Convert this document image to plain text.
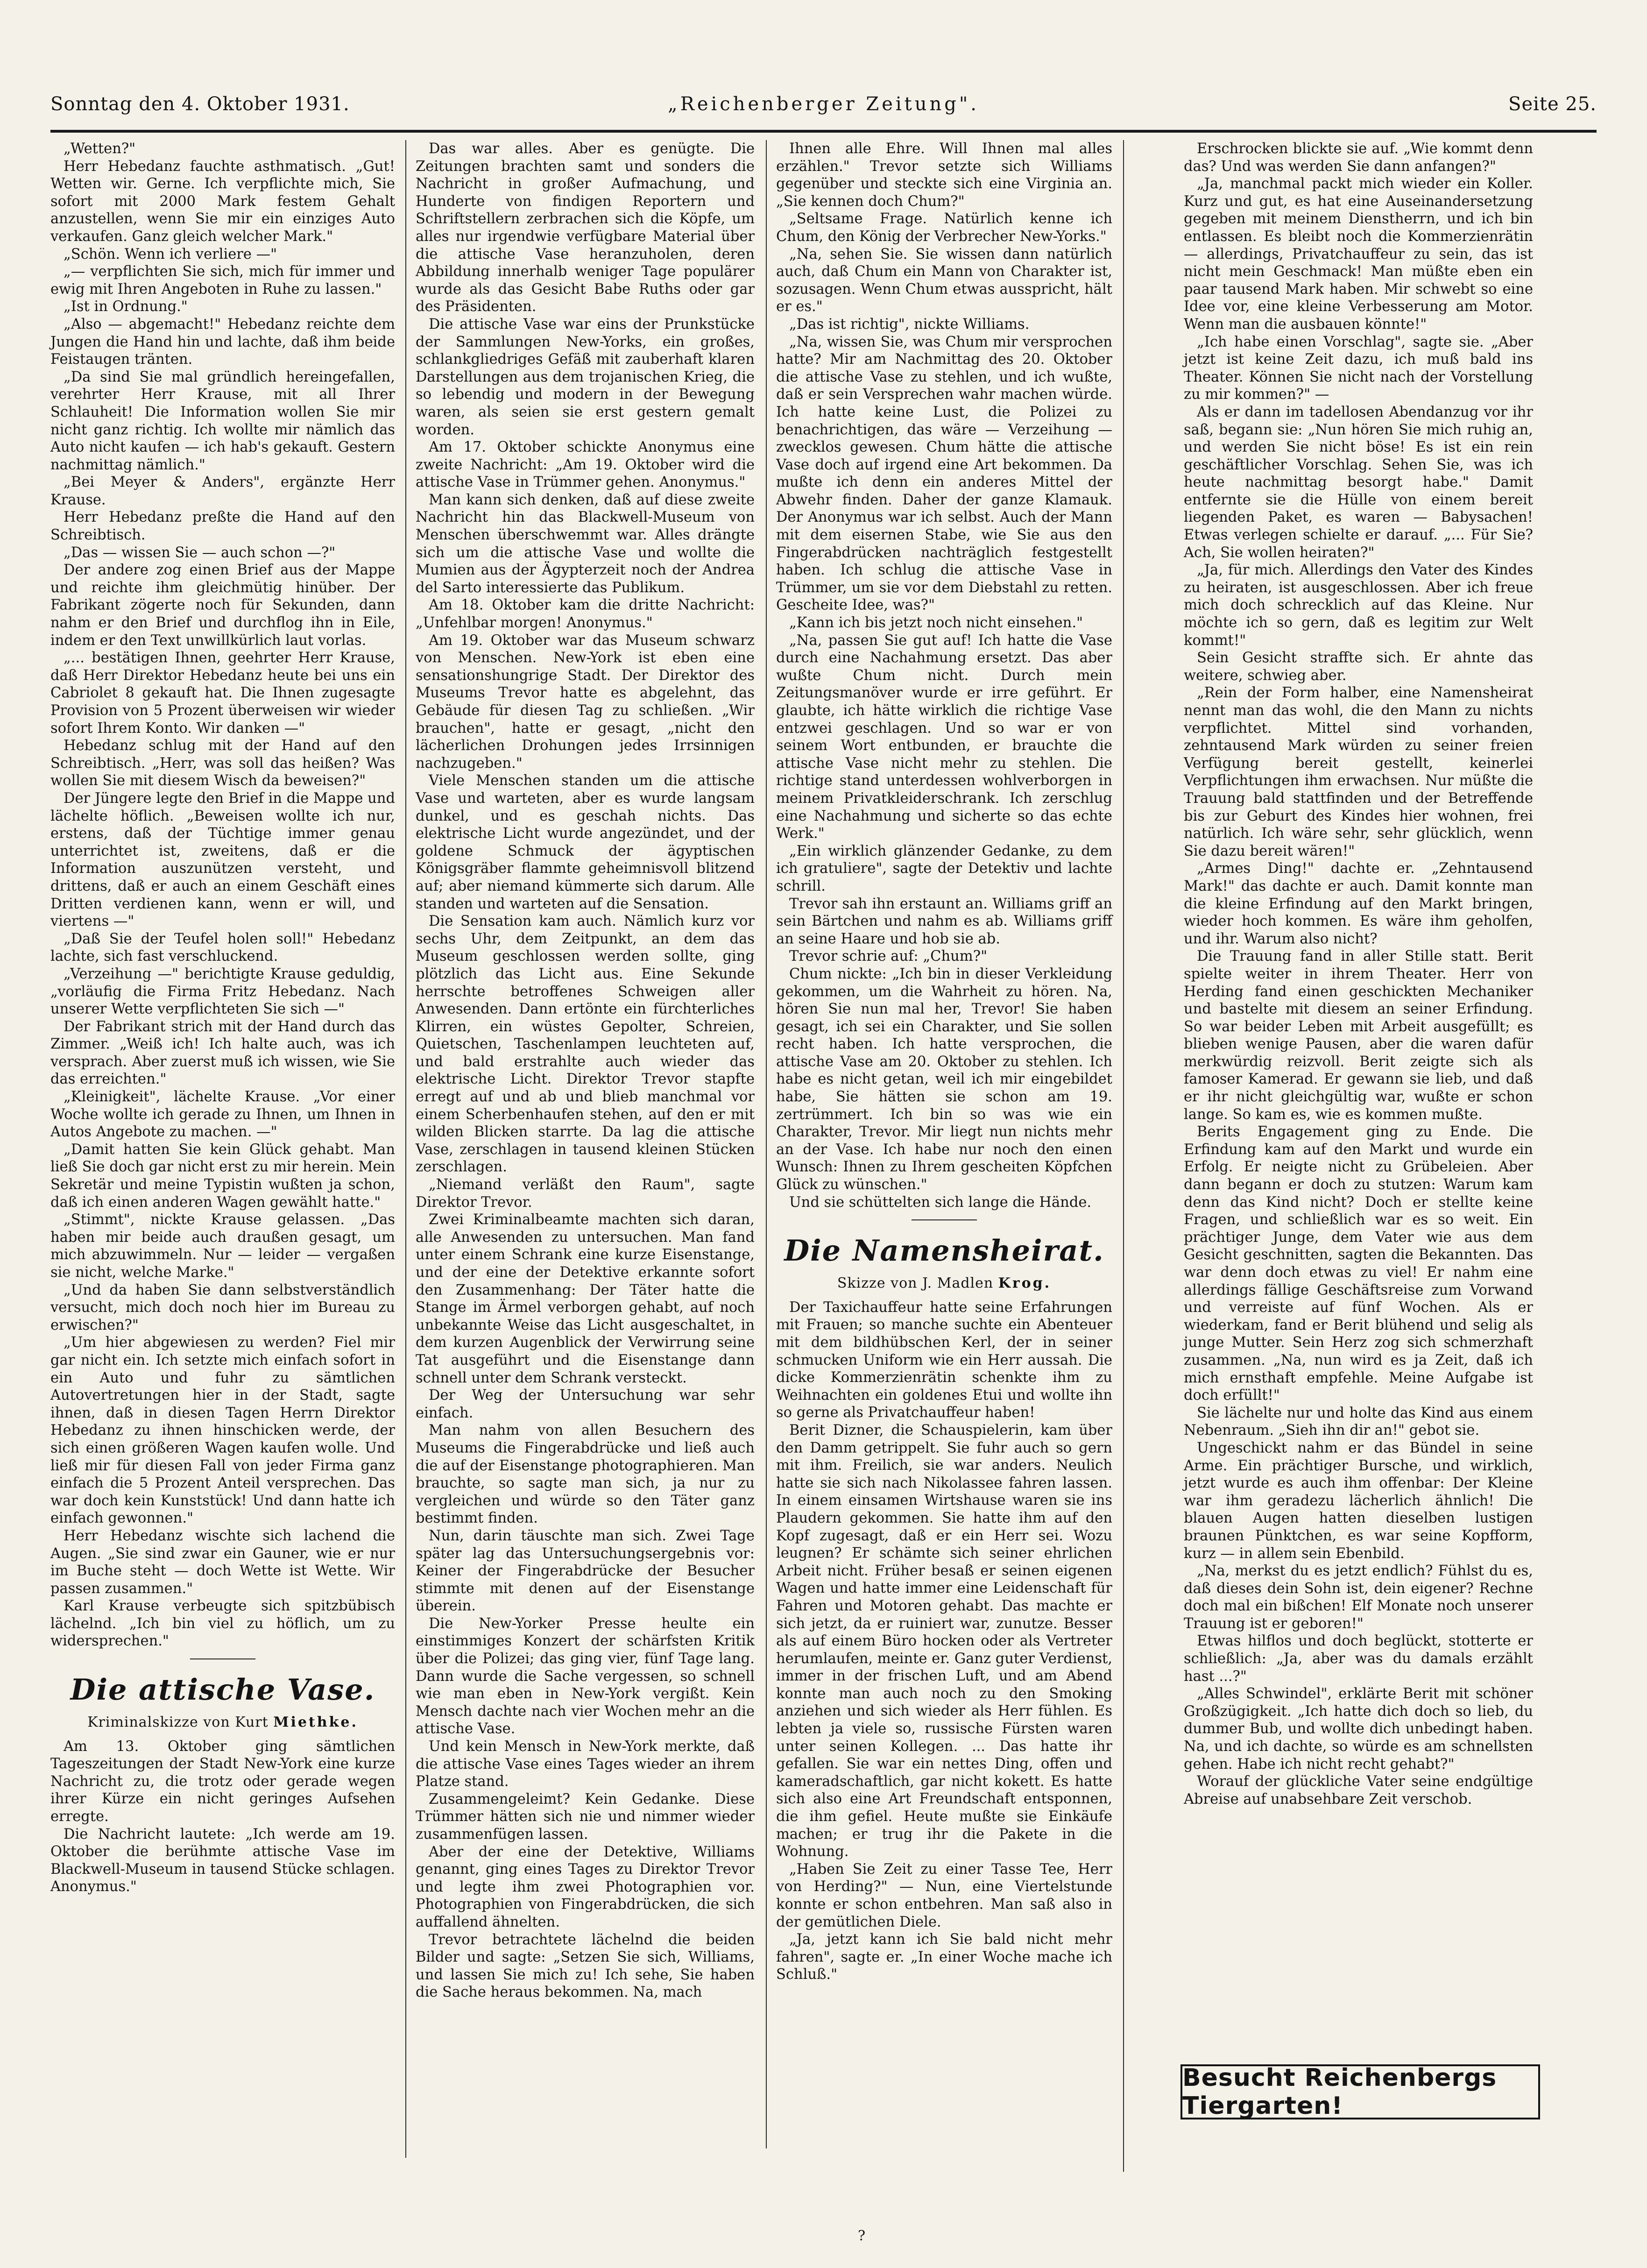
Sonntag den 4. Oktober 1931.	„Reichenberger Zeitung".	Seite 25.

„Wetten?"

Herr Hebedanz fauchte asthmatisch. „Gut! Wetten wir. Gerne. Ich verpflichte mich, Sie sofort mit 2000 Mark festem Gehalt anzustellen, wenn Sie mir ein einziges Auto verkaufen. Ganz gleich welcher Mark."

„Schön. Wenn ich verliere —"

„— verpflichten Sie sich, mich für immer und ewig mit Ihren Angeboten in Ruhe zu lassen."

„Ist in Ordnung."

„Also — abgemacht!" Hebedanz reichte dem Jungen die Hand hin und lachte, daß ihm beide Feistaugen tränten.

„Da sind Sie mal gründlich hereingefallen, verehrter Herr Krause, mit all Ihrer Schlauheit! Die Information wollen Sie mir nicht ganz richtig. Ich wollte mir nämlich das Auto nicht kaufen — ich hab's gekauft. Gestern nachmittag nämlich."

„Bei Meyer & Anders", ergänzte Herr Krause.

Herr Hebedanz preßte die Hand auf den Schreibtisch.

„Das — wissen Sie — auch schon —?"

Der andere zog einen Brief aus der Mappe und reichte ihm gleichmütig hinüber. Der Fabrikant zögerte noch für Sekunden, dann nahm er den Brief und durchflog ihn in Eile, indem er den Text unwillkürlich laut vorlas.

„... bestätigen Ihnen, geehrter Herr Krause, daß Herr Direktor Hebedanz heute bei uns ein Cabriolet 8 gekauft hat. Die Ihnen zugesagte Provision von 5 Prozent überweisen wir wieder sofort Ihrem Konto. Wir danken —"

Hebedanz schlug mit der Hand auf den Schreibtisch. „Herr, was soll das heißen? Was wollen Sie mit diesem Wisch da beweisen?"

Der Jüngere legte den Brief in die Mappe und lächelte höflich. „Beweisen wollte ich nur, erstens, daß der Tüchtige immer genau unterrichtet ist, zweitens, daß er die Information auszunützen versteht, und drittens, daß er auch an einem Geschäft eines Dritten verdienen kann, wenn er will, und viertens —"

„Daß Sie der Teufel holen soll!" Hebedanz lachte, sich fast verschluckend.

„Verzeihung —" berichtigte Krause geduldig, „vorläufig die Firma Fritz Hebedanz. Nach unserer Wette verpflichteten Sie sich —"

Der Fabrikant strich mit der Hand durch das Zimmer. „Weiß ich! Ich halte auch, was ich versprach. Aber zuerst muß ich wissen, wie Sie das erreichten."

„Kleinigkeit", lächelte Krause. „Vor einer Woche wollte ich gerade zu Ihnen, um Ihnen in Autos Angebote zu machen. —"

„Damit hatten Sie kein Glück gehabt. Man ließ Sie doch gar nicht erst zu mir herein. Mein Sekretär und meine Typistin wußten ja schon, daß ich einen anderen Wagen gewählt hatte."

„Stimmt", nickte Krause gelassen. „Das haben mir beide auch draußen gesagt, um mich abzuwimmeln. Nur — leider — vergaßen sie nicht, welche Marke."

„Und da haben Sie dann selbstverständlich versucht, mich doch noch hier im Bureau zu erwischen?"

„Um hier abgewiesen zu werden? Fiel mir gar nicht ein. Ich setzte mich einfach sofort in ein Auto und fuhr zu sämtlichen Autovertretungen hier in der Stadt, sagte ihnen, daß in diesen Tagen Herrn Direktor Hebedanz zu ihnen hinschicken werde, der sich einen größeren Wagen kaufen wolle. Und ließ mir für diesen Fall von jeder Firma ganz einfach die 5 Prozent Anteil versprechen. Das war doch kein Kunststück! Und dann hatte ich einfach gewonnen."

Herr Hebedanz wischte sich lachend die Augen. „Sie sind zwar ein Gauner, wie er nur im Buche steht — doch Wette ist Wette. Wir passen zusammen."

Karl Krause verbeugte sich spitzbübisch lächelnd. „Ich bin viel zu höflich, um zu widersprechen."

Die attische Vase.
Kriminalskizze von Kurt Miethke.

Am 13. Oktober ging sämtlichen Tageszeitungen der Stadt New-York eine kurze Nachricht zu, die trotz oder gerade wegen ihrer Kürze ein nicht geringes Aufsehen erregte.

Die Nachricht lautete: „Ich werde am 19. Oktober die berühmte attische Vase im Blackwell-Museum in tausend Stücke schlagen. Anonymus."

Das war alles. Aber es genügte. Die Zeitungen brachten samt und sonders die Nachricht in großer Aufmachung, und Hunderte von findigen Reportern und Schriftstellern zerbrachen sich die Köpfe, um alles nur irgendwie verfügbare Material über die attische Vase heranzuholen, deren Abbildung innerhalb weniger Tage populärer wurde als das Gesicht Babe Ruths oder gar des Präsidenten.

Die attische Vase war eins der Prunkstücke der Sammlungen New-Yorks, ein großes, schlankgliedriges Gefäß mit zauberhaft klaren Darstellungen aus dem trojanischen Krieg, die so lebendig und modern in der Bewegung waren, als seien sie erst gestern gemalt worden.

Am 17. Oktober schickte Anonymus eine zweite Nachricht: „Am 19. Oktober wird die attische Vase in Trümmer gehen. Anonymus."

Man kann sich denken, daß auf diese zweite Nachricht hin das Blackwell-Museum von Menschen überschwemmt war. Alles drängte sich um die attische Vase und wollte die Mumien aus der Ägypterzeit noch der Andrea del Sarto interessierte das Publikum.

Am 18. Oktober kam die dritte Nachricht: „Unfehlbar morgen! Anonymus."

Am 19. Oktober war das Museum schwarz von Menschen. New-York ist eben eine sensationshungrige Stadt. Der Direktor des Museums Trevor hatte es abgelehnt, das Gebäude für diesen Tag zu schließen. „Wir brauchen", hatte er gesagt, „nicht den lächerlichen Drohungen jedes Irrsinnigen nachzugeben."

Viele Menschen standen um die attische Vase und warteten, aber es wurde langsam dunkel, und es geschah nichts. Das elektrische Licht wurde angezündet, und der goldene Schmuck der ägyptischen Königsgräber flammte geheimnisvoll blitzend auf; aber niemand kümmerte sich darum. Alle standen und warteten auf die Sensation.

Die Sensation kam auch. Nämlich kurz vor sechs Uhr, dem Zeitpunkt, an dem das Museum geschlossen werden sollte, ging plötzlich das Licht aus. Eine Sekunde herrschte betroffenes Schweigen aller Anwesenden. Dann ertönte ein fürchterliches Klirren, ein wüstes Gepolter, Schreien, Quietschen, Taschenlampen leuchteten auf, und bald erstrahlte auch wieder das elektrische Licht. Direktor Trevor stapfte erregt auf und ab und blieb manchmal vor einem Scherbenhaufen stehen, auf den er mit wilden Blicken starrte. Da lag die attische Vase, zerschlagen in tausend kleinen Stücken zerschlagen.

„Niemand verläßt den Raum", sagte Direktor Trevor.

Zwei Kriminalbeamte machten sich daran, alle Anwesenden zu untersuchen. Man fand unter einem Schrank eine kurze Eisenstange, und der eine der Detektive erkannte sofort den Zusammenhang: Der Täter hatte die Stange im Ärmel verborgen gehabt, auf noch unbekannte Weise das Licht ausgeschaltet, in dem kurzen Augenblick der Verwirrung seine Tat ausgeführt und die Eisenstange dann schnell unter dem Schrank versteckt.

Der Weg der Untersuchung war sehr einfach.

Man nahm von allen Besuchern des Museums die Fingerabdrücke und ließ auch die auf der Eisenstange photographieren. Man brauchte, so sagte man sich, ja nur zu vergleichen und würde so den Täter ganz bestimmt finden.

Nun, darin täuschte man sich. Zwei Tage später lag das Untersuchungsergebnis vor: Keiner der Fingerabdrücke der Besucher stimmte mit denen auf der Eisenstange überein.

Die New-Yorker Presse heulte ein einstimmiges Konzert der schärfsten Kritik über die Polizei; das ging vier, fünf Tage lang. Dann wurde die Sache vergessen, so schnell wie man eben in New-York vergißt. Kein Mensch dachte nach vier Wochen mehr an die attische Vase.

Und kein Mensch in New-York merkte, daß die attische Vase eines Tages wieder an ihrem Platze stand.

Zusammengeleimt? Kein Gedanke. Diese Trümmer hätten sich nie und nimmer wieder zusammenfügen lassen.

Aber der eine der Detektive, Williams genannt, ging eines Tages zu Direktor Trevor und legte ihm zwei Photographien vor. Photographien von Fingerabdrücken, die sich auffallend ähnelten.

Trevor betrachtete lächelnd die beiden Bilder und sagte: „Setzen Sie sich, Williams, und lassen Sie mich zu! Ich sehe, Sie haben die Sache heraus bekommen. Na, mach

Ihnen alle Ehre. Will Ihnen mal alles erzählen." Trevor setzte sich Williams gegenüber und steckte sich eine Virginia an. „Sie kennen doch Chum?"

„Seltsame Frage. Natürlich kenne ich Chum, den König der Verbrecher New-Yorks."

„Na, sehen Sie. Sie wissen dann natürlich auch, daß Chum ein Mann von Charakter ist, sozusagen. Wenn Chum etwas ausspricht, hält er es."

„Das ist richtig", nickte Williams.

„Na, wissen Sie, was Chum mir versprochen hatte? Mir am Nachmittag des 20. Oktober die attische Vase zu stehlen, und ich wußte, daß er sein Versprechen wahr machen würde. Ich hatte keine Lust, die Polizei zu benachrichtigen, das wäre — Verzeihung — zwecklos gewesen. Chum hätte die attische Vase doch auf irgend eine Art bekommen. Da mußte ich denn ein anderes Mittel der Abwehr finden. Daher der ganze Klamauk. Der Anonymus war ich selbst. Auch der Mann mit dem eisernen Stabe, wie Sie aus den Fingerabdrücken nachträglich festgestellt haben. Ich schlug die attische Vase in Trümmer, um sie vor dem Diebstahl zu retten. Gescheite Idee, was?"

„Kann ich bis jetzt noch nicht einsehen."

„Na, passen Sie gut auf! Ich hatte die Vase durch eine Nachahmung ersetzt. Das aber wußte Chum nicht. Durch mein Zeitungsmanöver wurde er irre geführt. Er glaubte, ich hätte wirklich die richtige Vase entzwei geschlagen. Und so war er von seinem Wort entbunden, er brauchte die attische Vase nicht mehr zu stehlen. Die richtige stand unterdessen wohlverborgen in meinem Privatkleiderschrank. Ich zerschlug eine Nachahmung und sicherte so das echte Werk."

„Ein wirklich glänzender Gedanke, zu dem ich gratuliere", sagte der Detektiv und lachte schrill.

Trevor sah ihn erstaunt an. Williams griff an sein Bärtchen und nahm es ab. Williams griff an seine Haare und hob sie ab.

Trevor schrie auf: „Chum?"

Chum nickte: „Ich bin in dieser Verkleidung gekommen, um die Wahrheit zu hören. Na, hören Sie nun mal her, Trevor! Sie haben gesagt, ich sei ein Charakter, und Sie sollen recht haben. Ich hatte versprochen, die attische Vase am 20. Oktober zu stehlen. Ich habe es nicht getan, weil ich mir eingebildet habe, Sie hätten sie schon am 19. zertrümmert. Ich bin so was wie ein Charakter, Trevor. Mir liegt nun nichts mehr an der Vase. Ich habe nur noch den einen Wunsch: Ihnen zu Ihrem gescheiten Köpfchen Glück zu wünschen."

Und sie schüttelten sich lange die Hände.

Die Namensheirat.
Skizze von J. Madlen Krog.

Der Taxichauffeur hatte seine Erfahrungen mit Frauen; so manche suchte ein Abenteuer mit dem bildhübschen Kerl, der in seiner schmucken Uniform wie ein Herr aussah. Die dicke Kommerzienrätin schenkte ihm zu Weihnachten ein goldenes Etui und wollte ihn so gerne als Privatchauffeur haben!

Berit Dizner, die Schauspielerin, kam über den Damm getrippelt. Sie fuhr auch so gern mit ihm. Freilich, sie war anders. Neulich hatte sie sich nach Nikolassee fahren lassen. In einem einsamen Wirtshause waren sie ins Plaudern gekommen. Sie hatte ihm auf den Kopf zugesagt, daß er ein Herr sei. Wozu leugnen? Er schämte sich seiner ehrlichen Arbeit nicht. Früher besaß er seinen eigenen Wagen und hatte immer eine Leidenschaft für Fahren und Motoren gehabt. Das machte er sich jetzt, da er ruiniert war, zunutze. Besser als auf einem Büro hocken oder als Vertreter herumlaufen, meinte er. Ganz guter Verdienst, immer in der frischen Luft, und am Abend konnte man auch noch zu den Smoking anziehen und sich wieder als Herr fühlen. Es lebten ja viele so, russische Fürsten waren unter seinen Kollegen. ... Das hatte ihr gefallen. Sie war ein nettes Ding, offen und kameradschaftlich, gar nicht kokett. Es hatte sich also eine Art Freundschaft entsponnen, die ihm gefiel. Heute mußte sie Einkäufe machen; er trug ihr die Pakete in die Wohnung.

„Haben Sie Zeit zu einer Tasse Tee, Herr von Herding?" — Nun, eine Viertelstunde konnte er schon entbehren. Man saß also in der gemütlichen Diele.

„Ja, jetzt kann ich Sie bald nicht mehr fahren", sagte er. „In einer Woche mache ich Schluß."

Erschrocken blickte sie auf. „Wie kommt denn das? Und was werden Sie dann anfangen?"

„Ja, manchmal packt mich wieder ein Koller. Kurz und gut, es hat eine Auseinandersetzung gegeben mit meinem Dienstherrn, und ich bin entlassen. Es bleibt noch die Kommerzienrätin — allerdings, Privatchauffeur zu sein, das ist nicht mein Geschmack! Man müßte eben ein paar tausend Mark haben. Mir schwebt so eine Idee vor, eine kleine Verbesserung am Motor. Wenn man die ausbauen könnte!"

„Ich habe einen Vorschlag", sagte sie. „Aber jetzt ist keine Zeit dazu, ich muß bald ins Theater. Können Sie nicht nach der Vorstellung zu mir kommen?" —

Als er dann im tadellosen Abendanzug vor ihr saß, begann sie: „Nun hören Sie mich ruhig an, und werden Sie nicht böse! Es ist ein rein geschäftlicher Vorschlag. Sehen Sie, was ich heute nachmittag besorgt habe." Damit entfernte sie die Hülle von einem bereit liegenden Paket, es waren — Babysachen! Etwas verlegen schielte er darauf. „... Für Sie? Ach, Sie wollen heiraten?"

„Ja, für mich. Allerdings den Vater des Kindes zu heiraten, ist ausgeschlossen. Aber ich freue mich doch schrecklich auf das Kleine. Nur möchte ich so gern, daß es legitim zur Welt kommt!"

Sein Gesicht straffte sich. Er ahnte das weitere, schwieg aber.

„Rein der Form halber, eine Namensheirat nennt man das wohl, die den Mann zu nichts verpflichtet. Mittel sind vorhanden, zehntausend Mark würden zu seiner freien Verfügung bereit gestellt, keinerlei Verpflichtungen ihm erwachsen. Nur müßte die Trauung bald stattfinden und der Betreffende bis zur Geburt des Kindes hier wohnen, frei natürlich. Ich wäre sehr, sehr glücklich, wenn Sie dazu bereit wären!"

„Armes Ding!" dachte er. „Zehntausend Mark!" das dachte er auch. Damit konnte man die kleine Erfindung auf den Markt bringen, wieder hoch kommen. Es wäre ihm geholfen, und ihr. Warum also nicht?

Die Trauung fand in aller Stille statt. Berit spielte weiter in ihrem Theater. Herr von Herding fand einen geschickten Mechaniker und bastelte mit diesem an seiner Erfindung. So war beider Leben mit Arbeit ausgefüllt; es blieben wenige Pausen, aber die waren dafür merkwürdig reizvoll. Berit zeigte sich als famoser Kamerad. Er gewann sie lieb, und daß er ihr nicht gleichgültig war, wußte er schon lange. So kam es, wie es kommen mußte.

Berits Engagement ging zu Ende. Die Erfindung kam auf den Markt und wurde ein Erfolg. Er neigte nicht zu Grübeleien. Aber dann begann er doch zu stutzen: Warum kam denn das Kind nicht? Doch er stellte keine Fragen, und schließlich war es so weit. Ein prächtiger Junge, dem Vater wie aus dem Gesicht geschnitten, sagten die Bekannten. Das war denn doch etwas zu viel! Er nahm eine allerdings fällige Geschäftsreise zum Vorwand und verreiste auf fünf Wochen. Als er wiederkam, fand er Berit blühend und selig als junge Mutter. Sein Herz zog sich schmerzhaft zusammen. „Na, nun wird es ja Zeit, daß ich mich ernsthaft empfehle. Meine Aufgabe ist doch erfüllt!"

Sie lächelte nur und holte das Kind aus einem Nebenraum. „Sieh ihn dir an!" gebot sie.

Ungeschickt nahm er das Bündel in seine Arme. Ein prächtiger Bursche, und wirklich, jetzt wurde es auch ihm offenbar: Der Kleine war ihm geradezu lächerlich ähnlich! Die blauen Augen hatten dieselben lustigen braunen Pünktchen, es war seine Kopfform, kurz — in allem sein Ebenbild.

„Na, merkst du es jetzt endlich? Fühlst du es, daß dieses dein Sohn ist, dein eigener? Rechne doch mal ein bißchen! Elf Monate noch unserer Trauung ist er geboren!"

Etwas hilflos und doch beglückt, stotterte er schließlich: „Ja, aber was du damals erzählt hast ...?"

„Alles Schwindel", erklärte Berit mit schöner Großzügigkeit. „Ich hatte dich doch so lieb, du dummer Bub, und wollte dich unbedingt haben. Na, und ich dachte, so würde es am schnellsten gehen. Habe ich nicht recht gehabt?"

Worauf der glückliche Vater seine endgültige Abreise auf unabsehbare Zeit verschob.

Besucht Reichenbergs Tiergarten!
?
